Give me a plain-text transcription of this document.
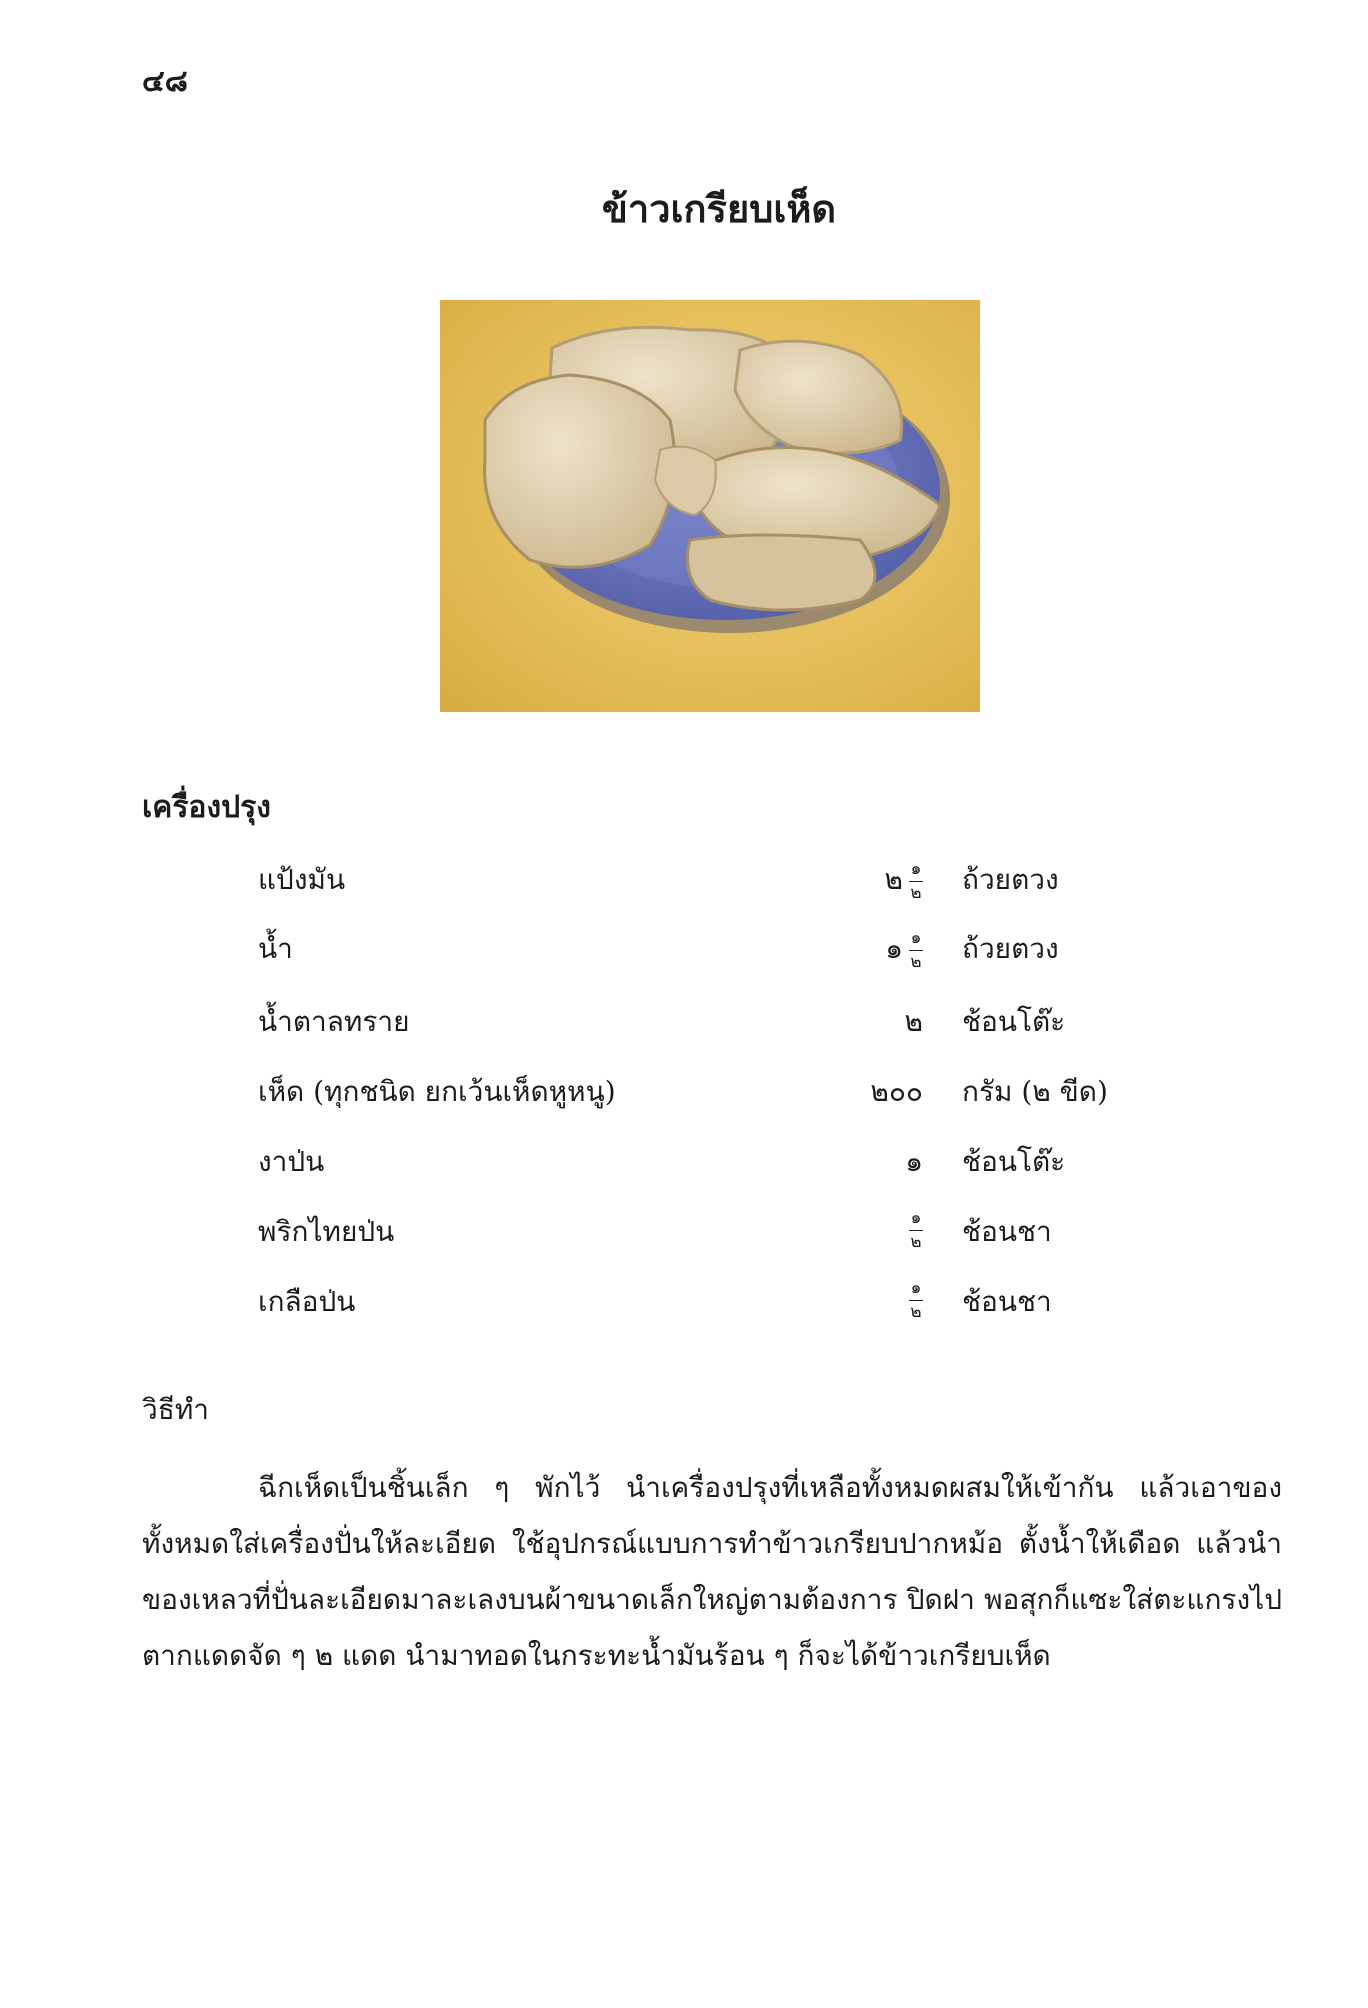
๔๘
ข้าวเกรียบเห็ด
เครื่องปรุง
แป้งมัน	๒ $\frac{๑}{๒}$ ถ้วยตวง
น้ำ	๑ $\frac{๑}{๒}$ ถ้วยตวง
น้ำตาลทราย	๒ ช้อนโต๊ะ
เห็ด (ทุกชนิด ยกเว้นเห็ดหูหนู)	๒๐๐ กรัม (๒ ขีด)
งาป่น	๑ ช้อนโต๊ะ
พริกไทยป่น	$\frac{๑}{๒}$ ช้อนชา
เกลือป่น	$\frac{๑}{๒}$ ช้อนชา
วิธีทำ

ฉีกเห็ดเป็นชิ้นเล็ก ๆ พักไว้ นำเครื่องปรุงที่เหลือทั้งหมดผสมให้เข้ากัน แล้วเอาของทั้งหมดใส่เครื่องปั่นให้ละเอียด ใช้อุปกรณ์แบบการทำข้าวเกรียบปากหม้อ ตั้งน้ำให้เดือด แล้วนำของเหลวที่ปั่นละเอียดมาละเลงบนผ้าขนาดเล็กใหญ่ตามต้องการ ปิดฝา พอสุกก็แซะใส่ตะแกรงไปตากแดดจัด ๆ ๒ แดด นำมาทอดในกระทะน้ำมันร้อน ๆ ก็จะได้ข้าวเกรียบเห็ด
